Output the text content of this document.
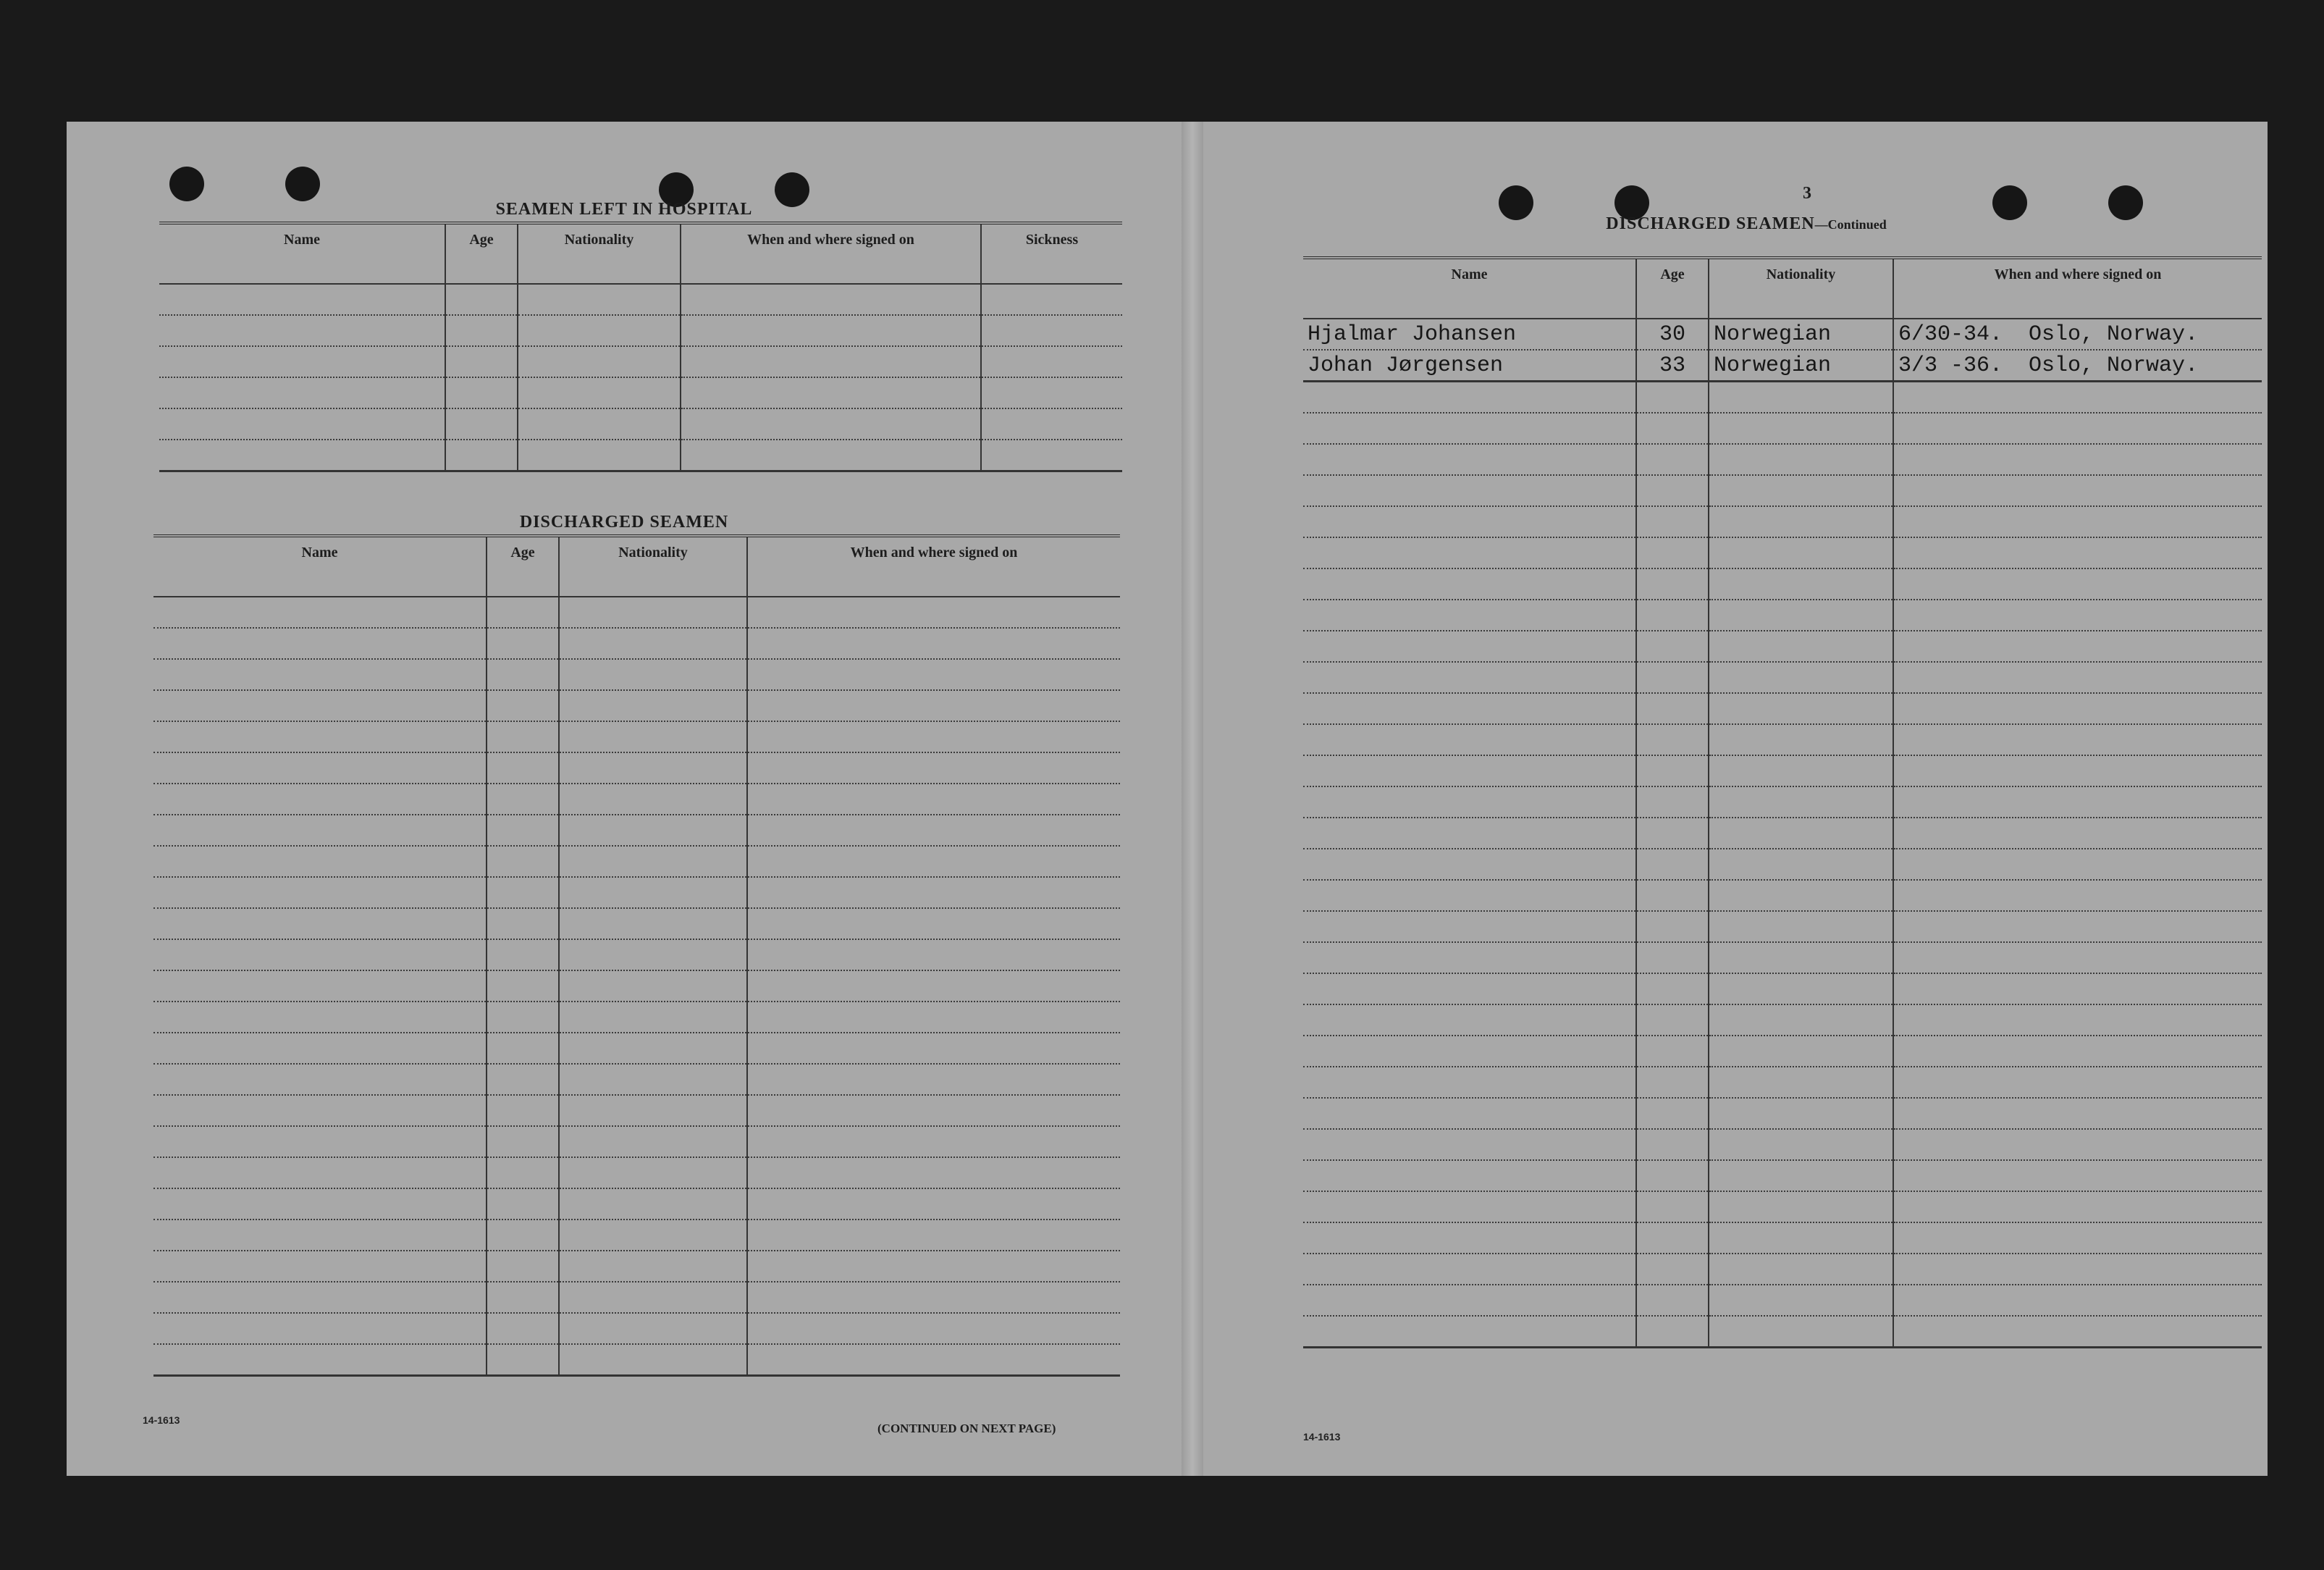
SEAMEN LEFT IN HOSPITAL
Name	Age	Nationality	When and where signed on	Sickness

DISCHARGED SEAMEN
Name	Age	Nationality	When and where signed on

14-1613
(CONTINUED ON NEXT PAGE)
3
DISCHARGED SEAMEN—Continued
Name	Age	Nationality	When and where signed on
Hjalmar Johansen	30	Norwegian	6/30-34.  Oslo, Norway.
Johan Jørgensen	33	Norwegian	3/3 -36.  Oslo, Norway.

14-1613
